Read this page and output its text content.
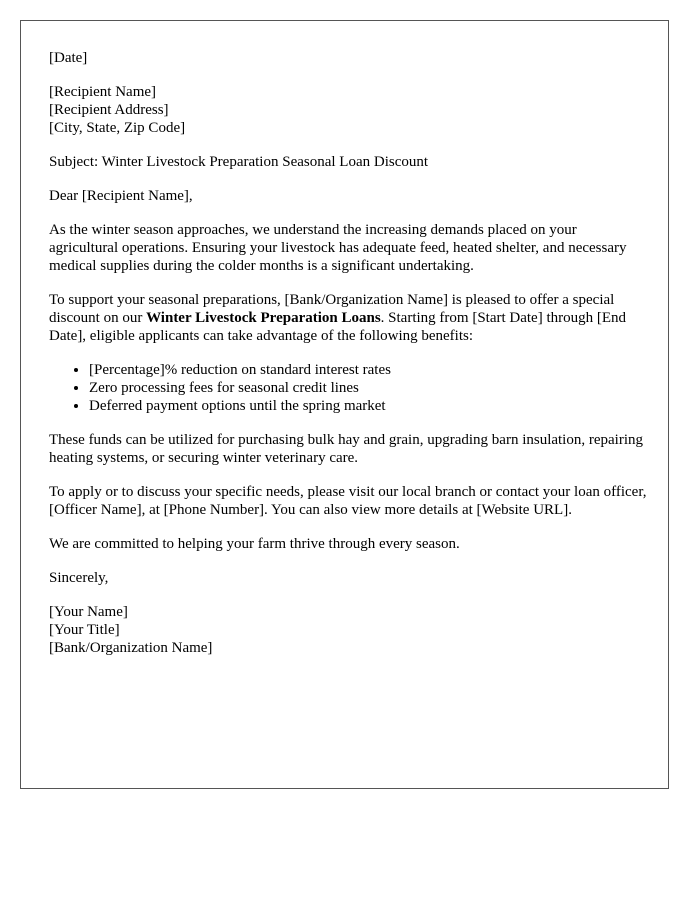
[Date]

[Recipient Name]
[Recipient Address]
[City, State, Zip Code]

Subject: Winter Livestock Preparation Seasonal Loan Discount

Dear [Recipient Name],

As the winter season approaches, we understand the increasing demands placed on your agricultural operations. Ensuring your livestock has adequate feed, heated shelter, and necessary medical supplies during the colder months is a significant undertaking.

To support your seasonal preparations, [Bank/Organization Name] is pleased to offer a special discount on our Winter Livestock Preparation Loans. Starting from [Start Date] through [End Date], eligible applicants can take advantage of the following benefits:

• [Percentage]% reduction on standard interest rates
• Zero processing fees for seasonal credit lines
• Deferred payment options until the spring market

These funds can be utilized for purchasing bulk hay and grain, upgrading barn insulation, repairing heating systems, or securing winter veterinary care.

To apply or to discuss your specific needs, please visit our local branch or contact your loan officer, [Officer Name], at [Phone Number]. You can also view more details at [Website URL].

We are committed to helping your farm thrive through every season.

Sincerely,

[Your Name]
[Your Title]
[Bank/Organization Name]
